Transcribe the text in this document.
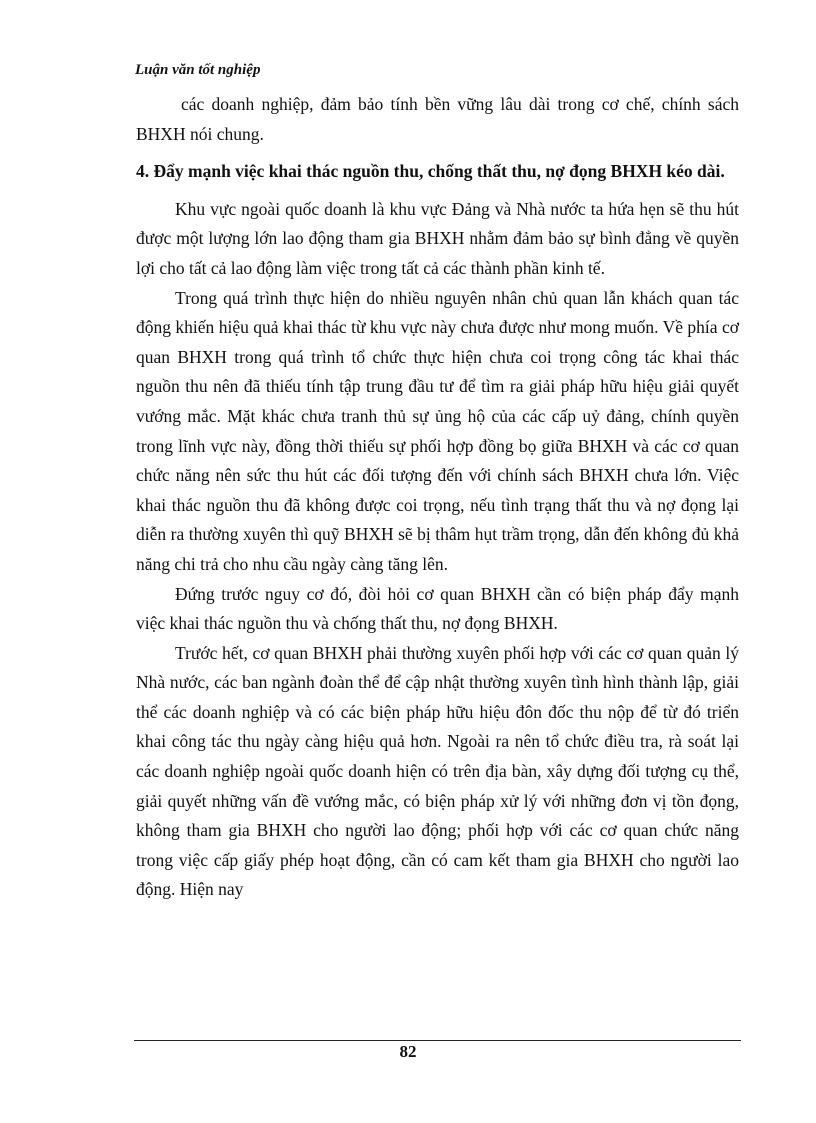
Luận văn tốt nghiệp

các doanh nghiệp, đảm bảo tính bền vững lâu dài trong cơ chế, chính sách BHXH nói chung.

4. Đẩy mạnh việc khai thác nguồn thu, chống thất thu, nợ đọng BHXH kéo dài.

Khu vực ngoài quốc doanh là khu vực Đảng và Nhà nước ta hứa hẹn sẽ thu hút được một lượng lớn lao động tham gia BHXH nhằm đảm bảo sự bình đẳng về quyền lợi cho tất cả lao động làm việc trong tất cả các thành phần kinh tế.

Trong quá trình thực hiện do nhiều nguyên nhân chủ quan lẫn khách quan tác động khiến hiệu quả khai thác từ khu vực này chưa được như mong muốn. Về phía cơ quan BHXH trong quá trình tổ chức thực hiện chưa coi trọng công tác khai thác nguồn thu nên đã thiếu tính tập trung đầu tư để tìm ra giải pháp hữu hiệu giải quyết vướng mắc. Mặt khác chưa tranh thủ sự ủng hộ của các cấp uỷ đảng, chính quyền trong lĩnh vực này, đồng thời thiếu sự phối hợp đồng bọ giữa BHXH và các cơ quan chức năng nên sức thu hút các đối tượng đến với chính sách BHXH chưa lớn. Việc khai thác nguồn thu đã không được coi trọng, nếu tình trạng thất thu và nợ đọng lại diễn ra thường xuyên thì quỹ BHXH sẽ bị thâm hụt trầm trọng, dẫn đến không đủ khả năng chi trả cho nhu cầu ngày càng tăng lên.

Đứng trước nguy cơ đó, đòi hỏi cơ quan BHXH cần có biện pháp đẩy mạnh việc khai thác nguồn thu và chống thất thu, nợ đọng BHXH.

Trước hết, cơ quan BHXH phải thường xuyên phối hợp với các cơ quan quản lý Nhà nước, các ban ngành đoàn thể để cập nhật thường xuyên tình hình thành lập, giải thể các doanh nghiệp và có các biện pháp hữu hiệu đôn đốc thu nộp để từ đó triển khai công tác thu ngày càng hiệu quả hơn. Ngoài ra nên tổ chức điều tra, rà soát lại các doanh nghiệp ngoài quốc doanh hiện có trên địa bàn, xây dựng đối tượng cụ thể, giải quyết những vấn đề vướng mắc, có biện pháp xử lý với những đơn vị tồn đọng, không tham gia BHXH cho người lao động; phối hợp với các cơ quan chức năng trong việc cấp giấy phép hoạt động, cần có cam kết tham gia BHXH cho người lao động. Hiện nay

82
